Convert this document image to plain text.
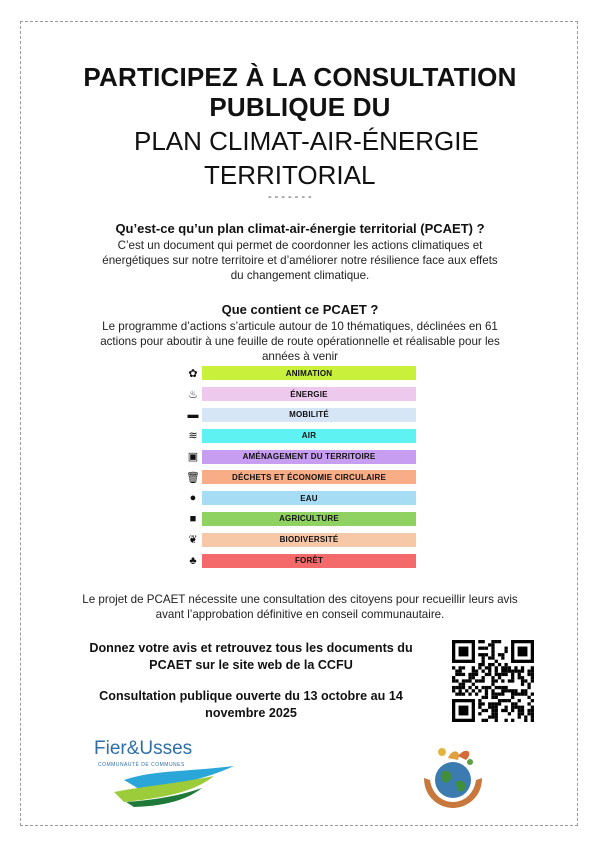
PARTICIPEZ À LA CONSULTATION
PUBLIQUE DU
PLAN CLIMAT-AIR-ÉNERGIE
TERRITORIAL
-------
Qu’est-ce qu’un plan climat-air-énergie territorial (PCAET) ?
C’est un document qui permet de coordonner les actions climatiques et
énergétiques sur notre territoire et d’améliorer notre résilience face aux effets
du changement climatique.
Que contient ce PCAET ?
Le programme d’actions s’articule autour de 10 thématiques, déclinées en 61
actions pour aboutir à une feuille de route opérationnelle et réalisable pour les
années à venir
✿	ANIMATION
♨	ÉNERGIE
▬	MOBILITÉ
≋	AIR
▣	AMÉNAGEMENT DU TERRITOIRE
🗑	DÉCHETS ET ÉCONOMIE CIRCULAIRE
●	EAU
■	AGRICULTURE
❦	BIODIVERSITÉ
♣	FORÊT
Le projet de PCAET nécessite une consultation des citoyens pour recueillir leurs avis
avant l’approbation définitive en conseil communautaire.
Donnez votre avis et retrouvez tous les documents du
PCAET sur le site web de la CCFU
Consultation publique ouverte du 13 octobre au 14
novembre 2025
Fier&Usses
COMMUNAUTÉ DE COMMUNES
